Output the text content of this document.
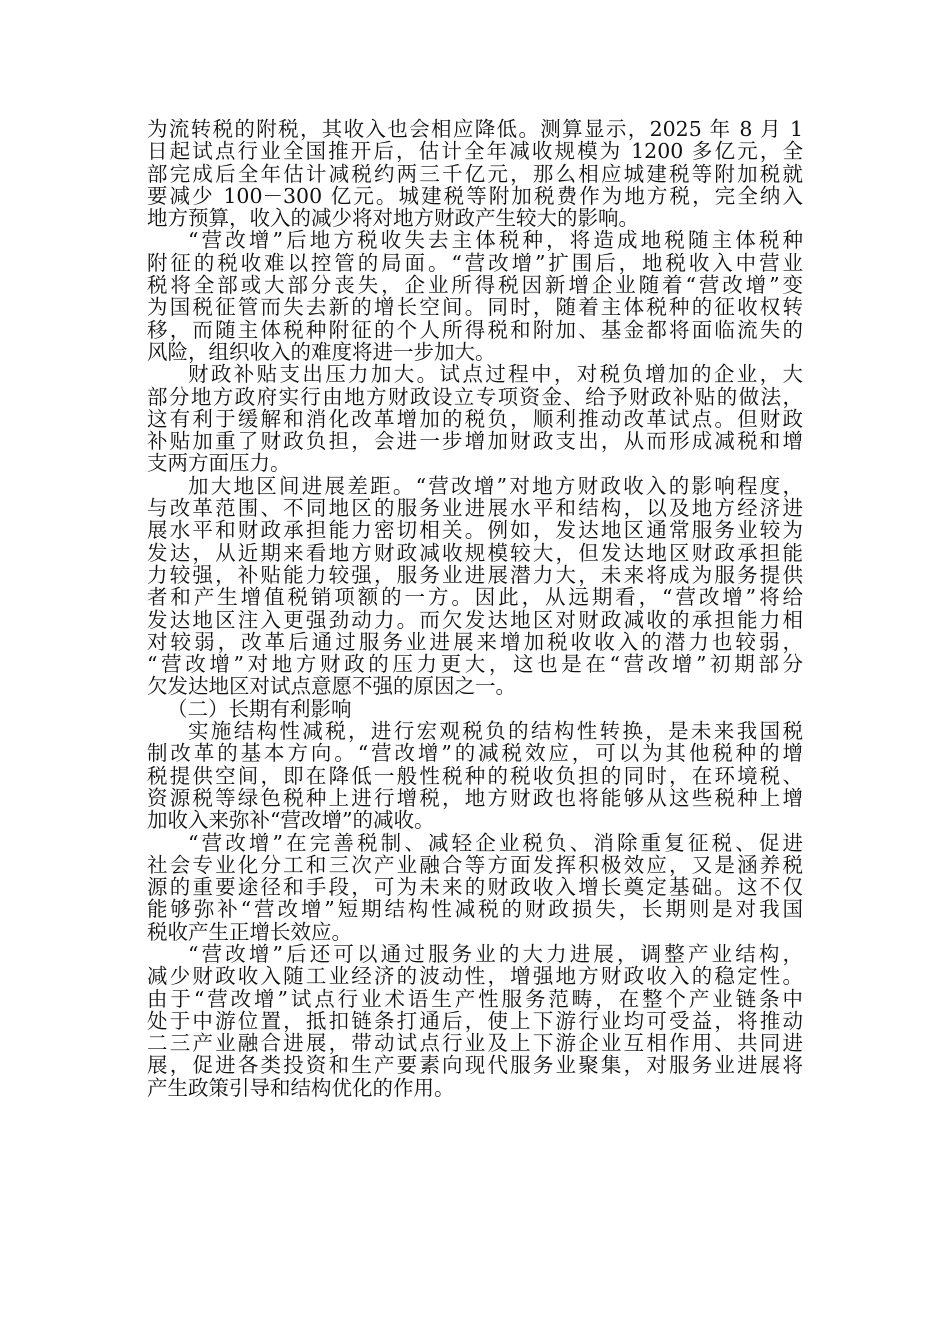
为流转税的附税，其收入也会相应降低。测算显示，2025 年 8 月 1
日起试点行业全国推开后，估计全年减收规模为 1200 多亿元，全
部完成后全年估计减税约两三千亿元，那么相应城建税等附加税就
要减少 100－300 亿元。城建税等附加税费作为地方税，完全纳入
地方预算，收入的减少将对地方财政产生较大的影响。
“营改增”后地方税收失去主体税种，将造成地税随主体税种
附征的税收难以控管的局面。“营改增”扩围后，地税收入中营业
税将全部或大部分丧失，企业所得税因新增企业随着“营改增”变
为国税征管而失去新的增长空间。同时，随着主体税种的征收权转
移，而随主体税种附征的个人所得税和附加、基金都将面临流失的
风险，组织收入的难度将进一步加大。
财政补贴支出压力加大。试点过程中，对税负增加的企业，大
部分地方政府实行由地方财政设立专项资金、给予财政补贴的做法，
这有利于缓解和消化改革增加的税负，顺利推动改革试点。但财政
补贴加重了财政负担，会进一步增加财政支出，从而形成减税和增
支两方面压力。
加大地区间进展差距。“营改增”对地方财政收入的影响程度，
与改革范围、不同地区的服务业进展水平和结构，以及地方经济进
展水平和财政承担能力密切相关。例如，发达地区通常服务业较为
发达，从近期来看地方财政减收规模较大，但发达地区财政承担能
力较强，补贴能力较强，服务业进展潜力大，未来将成为服务提供
者和产生增值税销项额的一方。因此，从远期看，“营改增”将给
发达地区注入更强劲动力。而欠发达地区对财政减收的承担能力相
对较弱，改革后通过服务业进展来增加税收收入的潜力也较弱，
“营改增”对地方财政的压力更大，这也是在“营改增”初期部分
欠发达地区对试点意愿不强的原因之一。
（二）长期有利影响
实施结构性减税，进行宏观税负的结构性转换，是未来我国税
制改革的基本方向。“营改增”的减税效应，可以为其他税种的增
税提供空间，即在降低一般性税种的税收负担的同时，在环境税、
资源税等绿色税种上进行增税，地方财政也将能够从这些税种上增
加收入来弥补“营改增”的减收。
“营改增”在完善税制、减轻企业税负、消除重复征税、促进
社会专业化分工和三次产业融合等方面发挥积极效应，又是涵养税
源的重要途径和手段，可为未来的财政收入增长奠定基础。这不仅
能够弥补“营改增”短期结构性减税的财政损失，长期则是对我国
税收产生正增长效应。
“营改增”后还可以通过服务业的大力进展，调整产业结构，
减少财政收入随工业经济的波动性，增强地方财政收入的稳定性。
由于“营改增”试点行业术语生产性服务范畴，在整个产业链条中
处于中游位置，抵扣链条打通后，使上下游行业均可受益，将推动
二三产业融合进展，带动试点行业及上下游企业互相作用、共同进
展，促进各类投资和生产要素向现代服务业聚集，对服务业进展将
产生政策引导和结构优化的作用。
